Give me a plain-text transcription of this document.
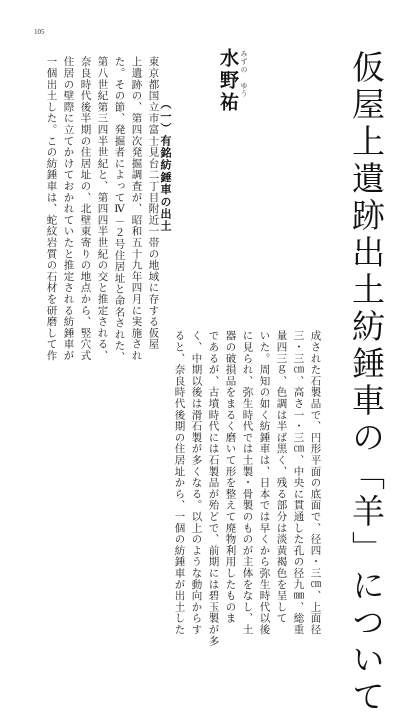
105
仮屋上遺跡出土紡錘車の「羊」について
みずの　ゆう
水野祐
（一）有銘紡錘車の出土
東京都国立市富士見台二丁目附近一帯の地域に存する仮屋
上遺跡の、第四次発掘調査が、昭和五十九年四月に実施され
た。その節、発掘者によってⅣ－２号住居址と命名された、
第八世紀第三四半世紀と、第四四半世紀の交と推定される、
奈良時代後半期の住居址の、北壁東寄りの地点から、竪穴式
住居の壁際に立てかけておかれていたと推定される紡錘車が
一個出土した。この紡錘車は、蛇紋岩質の石材を研磨して作
成された石製品で、円形平面の底面で、径四・三㎝、上面径
三・三㎝、高さ一・三㎝、中央に貫通した孔の径九㎜、総重
量四三ｇ、色調は半ば黒く、残る部分は淡黄褐色を呈して
いた。周知の如く紡錘車は、日本では早くから弥生時代以後
に見られ、弥生時代では土製・骨製のものが主体をなし、土
器の破損品をまるく磨いて形を整えて廃物利用したものま
であるが、古墳時代には石製品が殆どで、前期には碧玉製が多
く、中期以後は滑石製が多くなる。以上のような動向からす
ると、奈良時代後期の住居址から、一個の紡錘車が出土した
